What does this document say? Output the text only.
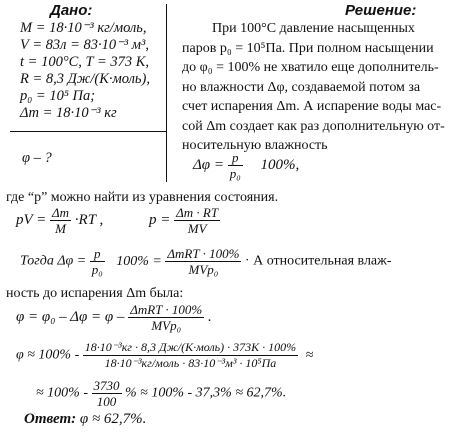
Дано:
M = 18·10⁻³ кг/моль,
V = 83л = 83·10⁻³ м³,
t = 100°C, T = 373 K,
R = 8,3 Дж/(К·моль),
p₀ = 10⁵ Па;
Δm = 18·10⁻³ кг
φ – ?
Решение:
При 100°C давление насыщенных
паров p₀ = 10⁵Па. При полном насыщении
до φ₀ = 100% не хватило еще дополнитель-
но влажности Δφ, создаваемой потом за
счет испарения Δm. А испарение воды мас-
сой Δm создает как раз дополнительную от-
носительную влажность
$\Delta\varphi = \frac{p}{\text{p₀}} 100\%$,
где “p” можно найти из уравнения состояния.
pV = $\frac{\Delta m}{M} \cdot RT$ ,	$p = \frac{\Delta m \cdot RT}{MV}$
Тогда $\Delta\varphi = \frac{p}{\text{p₀}} 100\% = \frac{\text{ΔmRT · 100\%}}{\text{MVp₀}} \cdot А$ относительная влаж-
ность до испарения Δm была:
$\varphi = \varphi_0 - \Delta\varphi = \varphi - \frac{\text{ΔmRT · 100\%}}{\text{MVp₀}}$ .
$\varphi \approx 100\% - \frac{\text{18·10⁻³кг · 8,3 Дж/(К·моль) · 373К · 100\%}}{\text{18·10⁻³кг/моль · 83·10⁻³м³ · 10⁵Па}}$ ≈
≈ $100\% - \frac{3730}{100}$ % ≈ 100% - 37,3% ≈ 62,7%.
Ответ: φ ≈ 62,7%.
